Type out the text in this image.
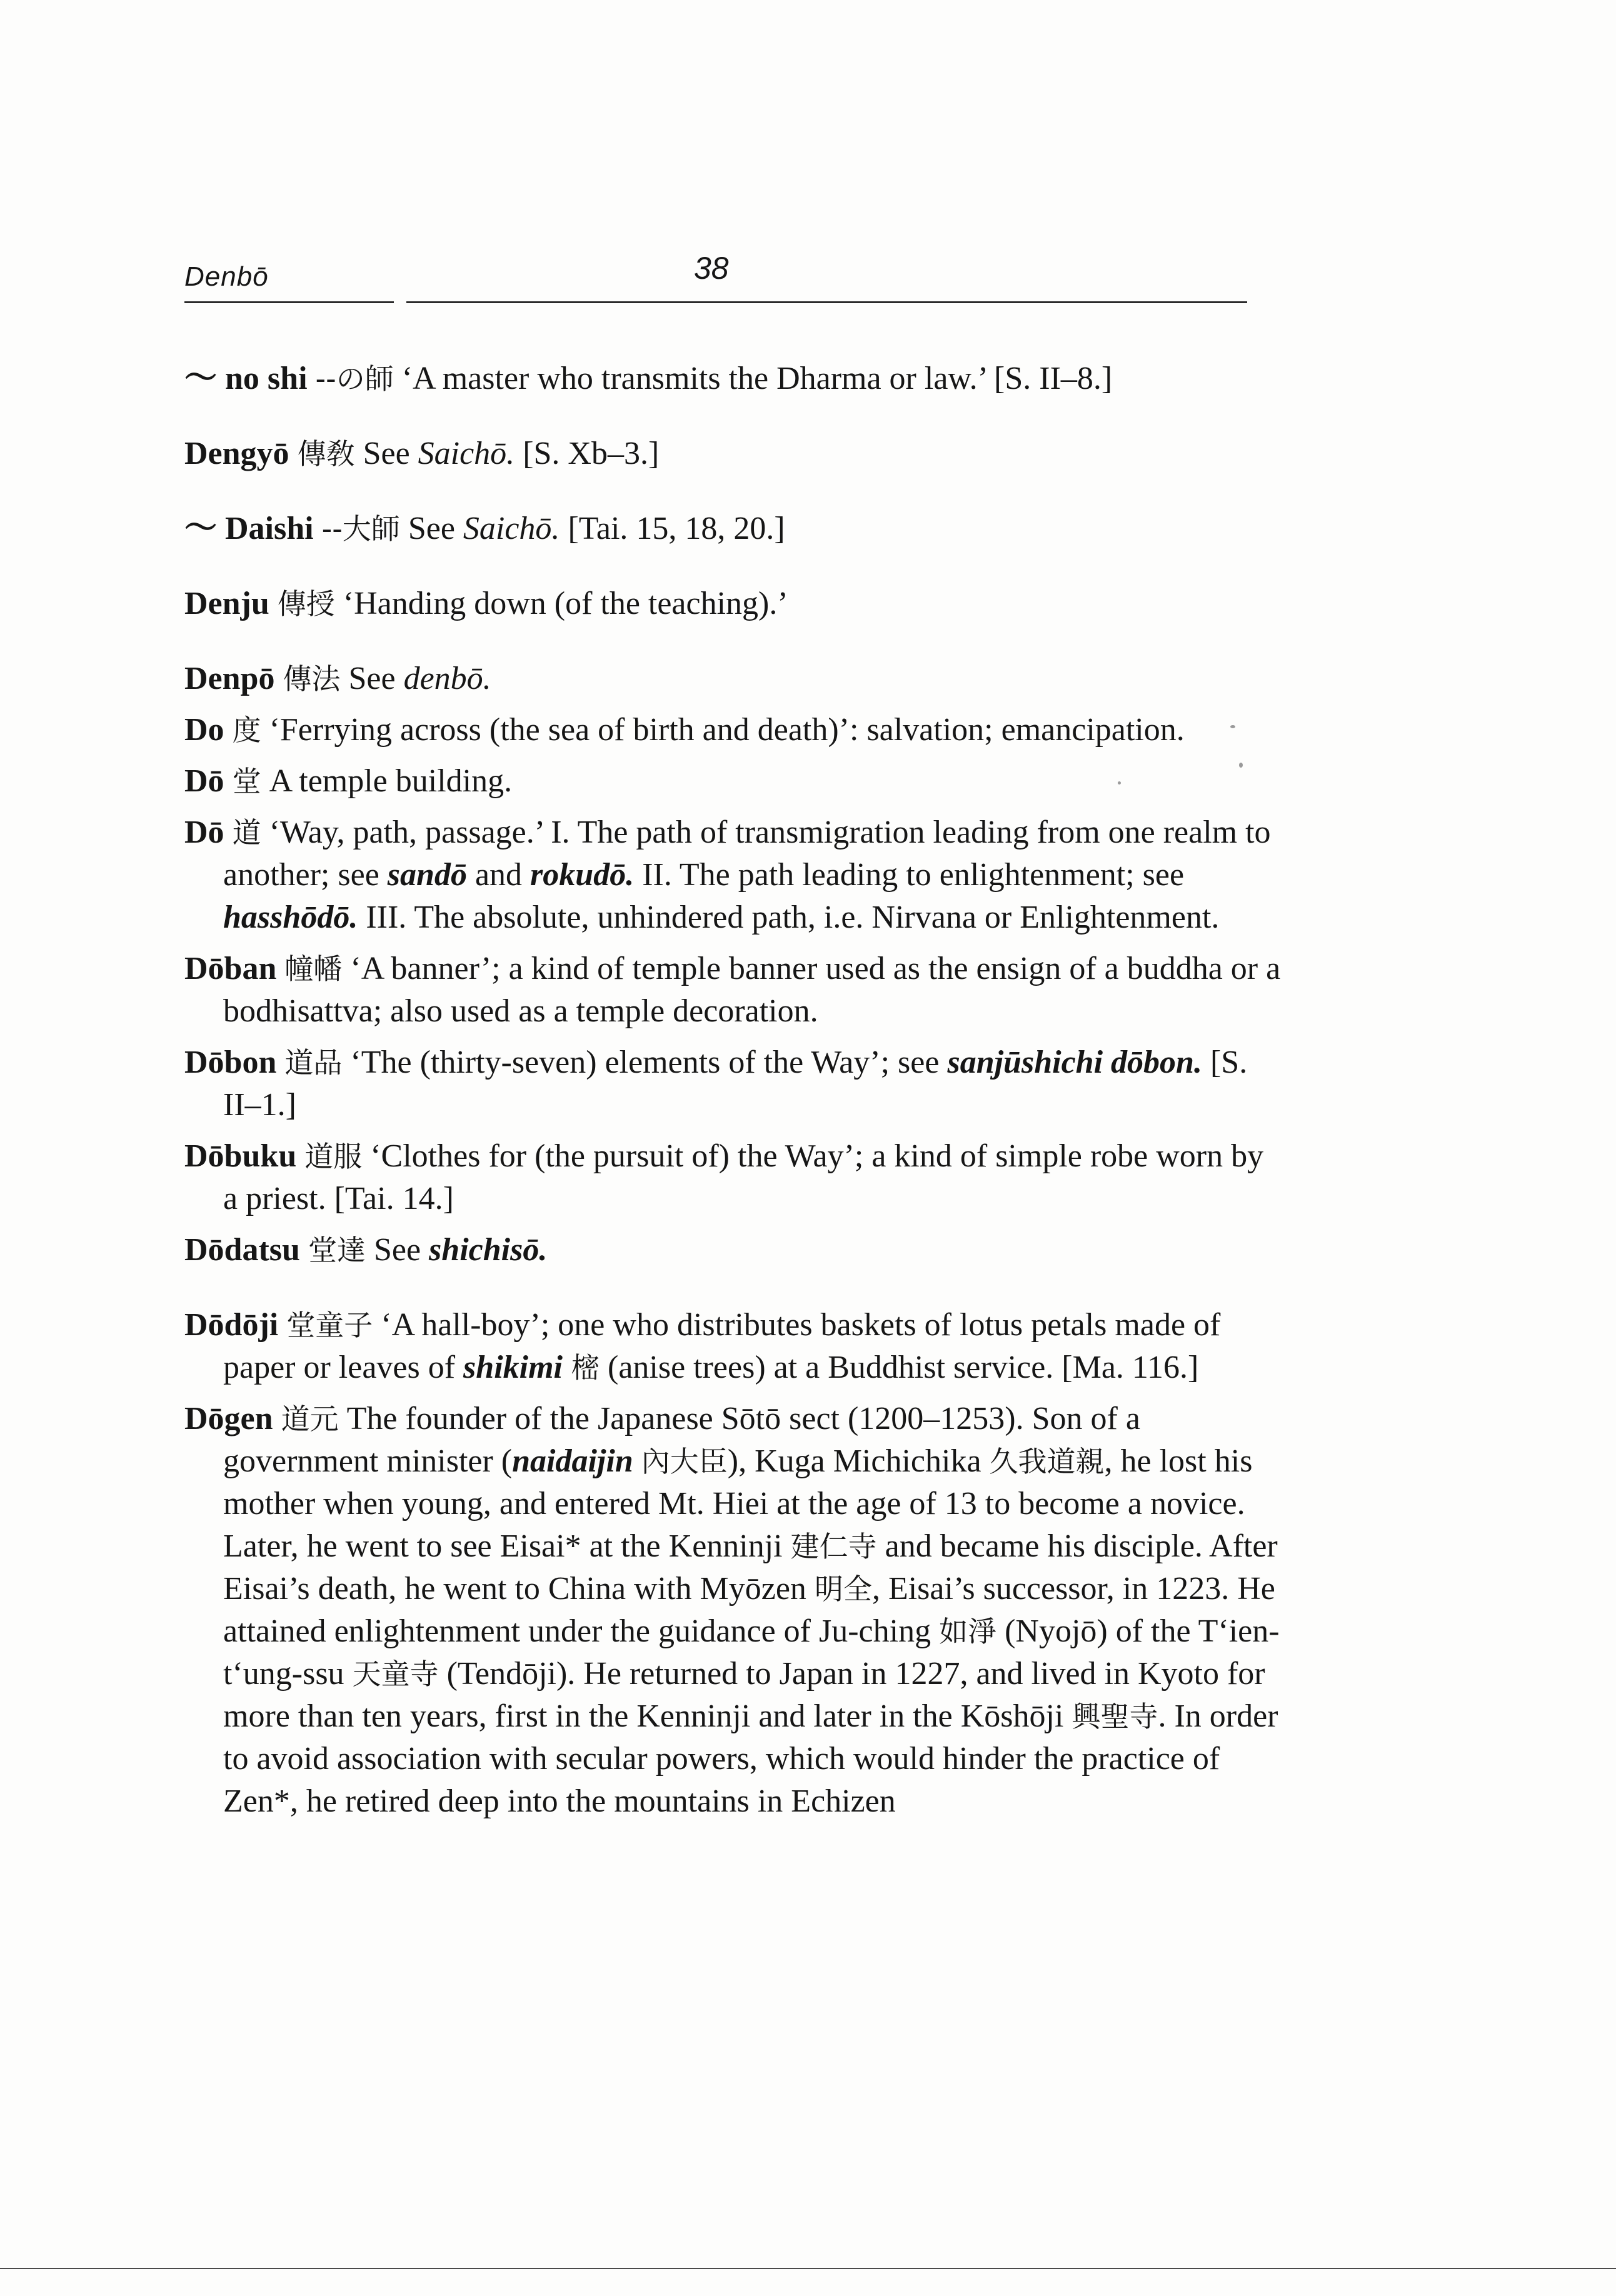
Denbō	38

～ no shi --の師 ‘A master who transmits the Dharma or law.’ [S. II–8.]

Dengyō 傳敎 See Saichō. [S. Xb–3.]

～ Daishi --大師 See Saichō. [Tai. 15, 18, 20.]

Denju 傳授 ‘Handing down (of the teaching).’

Denpō 傳法 See denbō.

Do 度 ‘Ferrying across (the sea of birth and death)’: salvation; emancipation.

Dō 堂 A temple building.

Dō 道 ‘Way, path, passage.’ I. The path of transmigration leading from one realm to another; see sandō and rokudō. II. The path leading to enlightenment; see hasshōdō. III. The absolute, unhindered path, i.e. Nirvana or Enlightenment.

Dōban 幢幡 ‘A banner’; a kind of temple banner used as the ensign of a buddha or a bodhisattva; also used as a temple decoration.

Dōbon 道品 ‘The (thirty-seven) elements of the Way’; see sanjūshichi dōbon. [S. II–1.]

Dōbuku 道服 ‘Clothes for (the pursuit of) the Way’; a kind of simple robe worn by a priest. [Tai. 14.]

Dōdatsu 堂達 See shichisō.

Dōdōji 堂童子 ‘A hall-boy’; one who distributes baskets of lotus petals made of paper or leaves of shikimi 樒 (anise trees) at a Buddhist service. [Ma. 116.]

Dōgen 道元 The founder of the Japanese Sōtō sect (1200–1253). Son of a government minister (naidaijin 內大臣), Kuga Michichika 久我道親, he lost his mother when young, and entered Mt. Hiei at the age of 13 to become a novice. Later, he went to see Eisai* at the Kenninji 建仁寺 and became his disciple. After Eisai’s death, he went to China with Myōzen 明全, Eisai’s successor, in 1223. He attained enlightenment under the guidance of Ju-ching 如淨 (Nyojō) of the T‘ien-t‘ung-ssu 天童寺 (Tendōji). He returned to Japan in 1227, and lived in Kyoto for more than ten years, first in the Kenninji and later in the Kōshōji 興聖寺. In order to avoid association with secular powers, which would hinder the practice of Zen*, he retired deep into the mountains in Echizen
